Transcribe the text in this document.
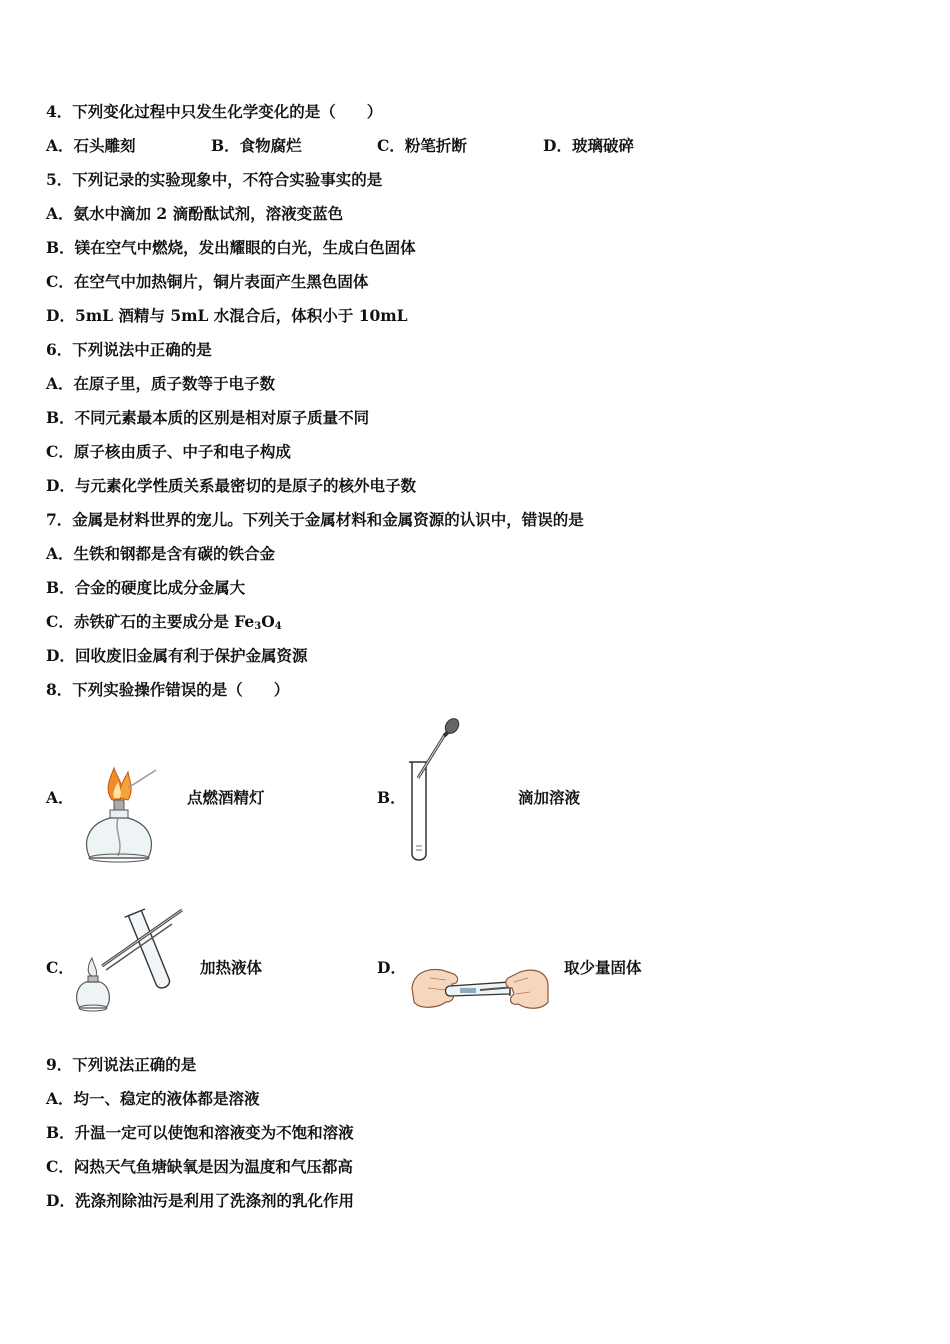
4．下列变化过程中只发生化学变化的是（　　）
A．石头雕刻	B．食物腐烂	C．粉笔折断	D．玻璃破碎
5．下列记录的实验现象中，不符合实验事实的是
A．氨水中滴加 2 滴酚酞试剂，溶液变蓝色
B．镁在空气中燃烧，发出耀眼的白光，生成白色固体
C．在空气中加热铜片，铜片表面产生黑色固体
D．5mL 酒精与 5mL 水混合后，体积小于 10mL
6．下列说法中正确的是
A．在原子里，质子数等于电子数
B．不同元素最本质的区别是相对原子质量不同
C．原子核由质子、中子和电子构成
D．与元素化学性质关系最密切的是原子的核外电子数
7．金属是材料世界的宠儿。下列关于金属材料和金属资源的认识中，错误的是
A．生铁和钢都是含有碳的铁合金
B．合金的硬度比成分金属大
C．赤铁矿石的主要成分是 $Fe_3O_4$
D．回收废旧金属有利于保护金属资源
8．下列实验操作错误的是（　　）
A．	点燃酒精灯	B．	滴加溶液
C．	加热液体	D．	取少量固体
9．下列说法正确的是
A．均一、稳定的液体都是溶液
B．升温一定可以使饱和溶液变为不饱和溶液
C．闷热天气鱼塘缺氧是因为温度和气压都高
D．洗涤剂除油污是利用了洗涤剂的乳化作用
